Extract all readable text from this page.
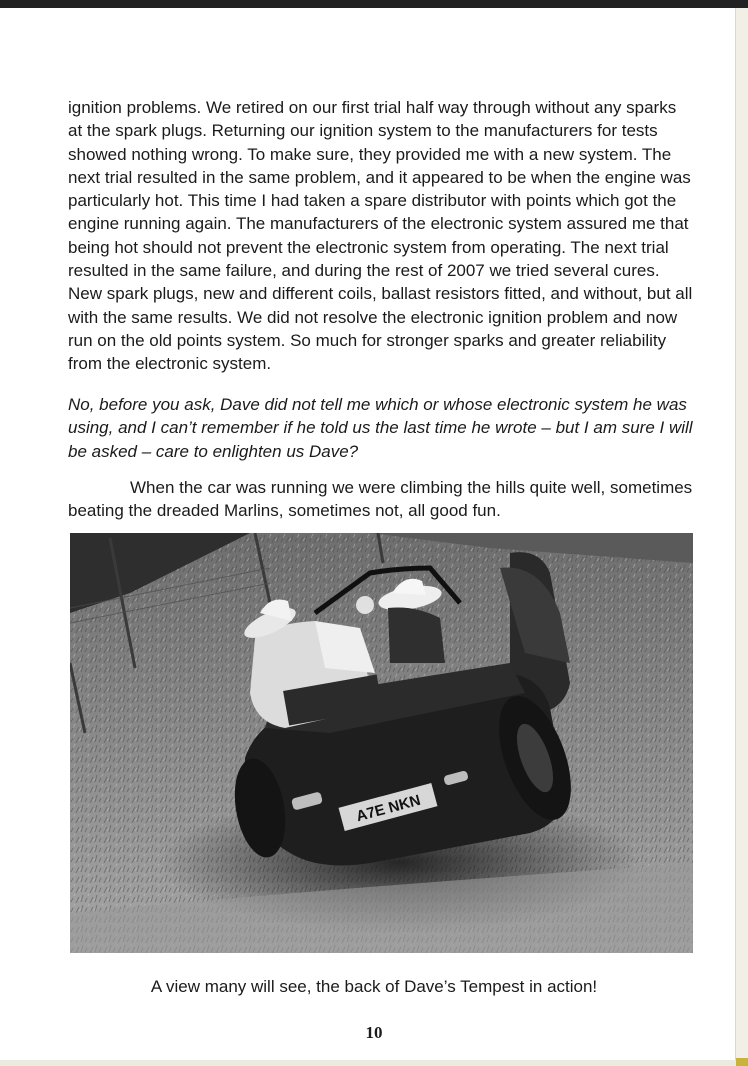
ignition problems. We retired on our first trial half way through without any sparks at the spark plugs. Returning our ignition system to the manufacturers for tests showed nothing wrong. To make sure, they provided me with a new system. The next trial resulted in the same problem, and it appeared to be when the engine was particularly hot. This time I had taken a spare distributor with points which got the engine running again. The manufacturers of the electronic system assured me that being hot should not prevent the electronic system from operating. The next trial resulted in the same failure, and during the rest of 2007 we tried several cures. New spark plugs, new and different coils, ballast resistors fitted, and without, but all with the same results. We did not resolve the electronic ignition problem and now run on the old points system. So much for stronger sparks and greater reliability from the electronic system.

No, before you ask, Dave did not tell me which or whose electronic system he was using, and I can’t remember if he told us the last time he wrote – but I am sure I will be asked – care to enlighten us Dave?

When the car was running we were climbing the hills quite well, sometimes beating the dreaded Marlins, sometimes not, all good fun.

A7E NKN

A view many will see, the back of Dave’s Tempest in action!

10
